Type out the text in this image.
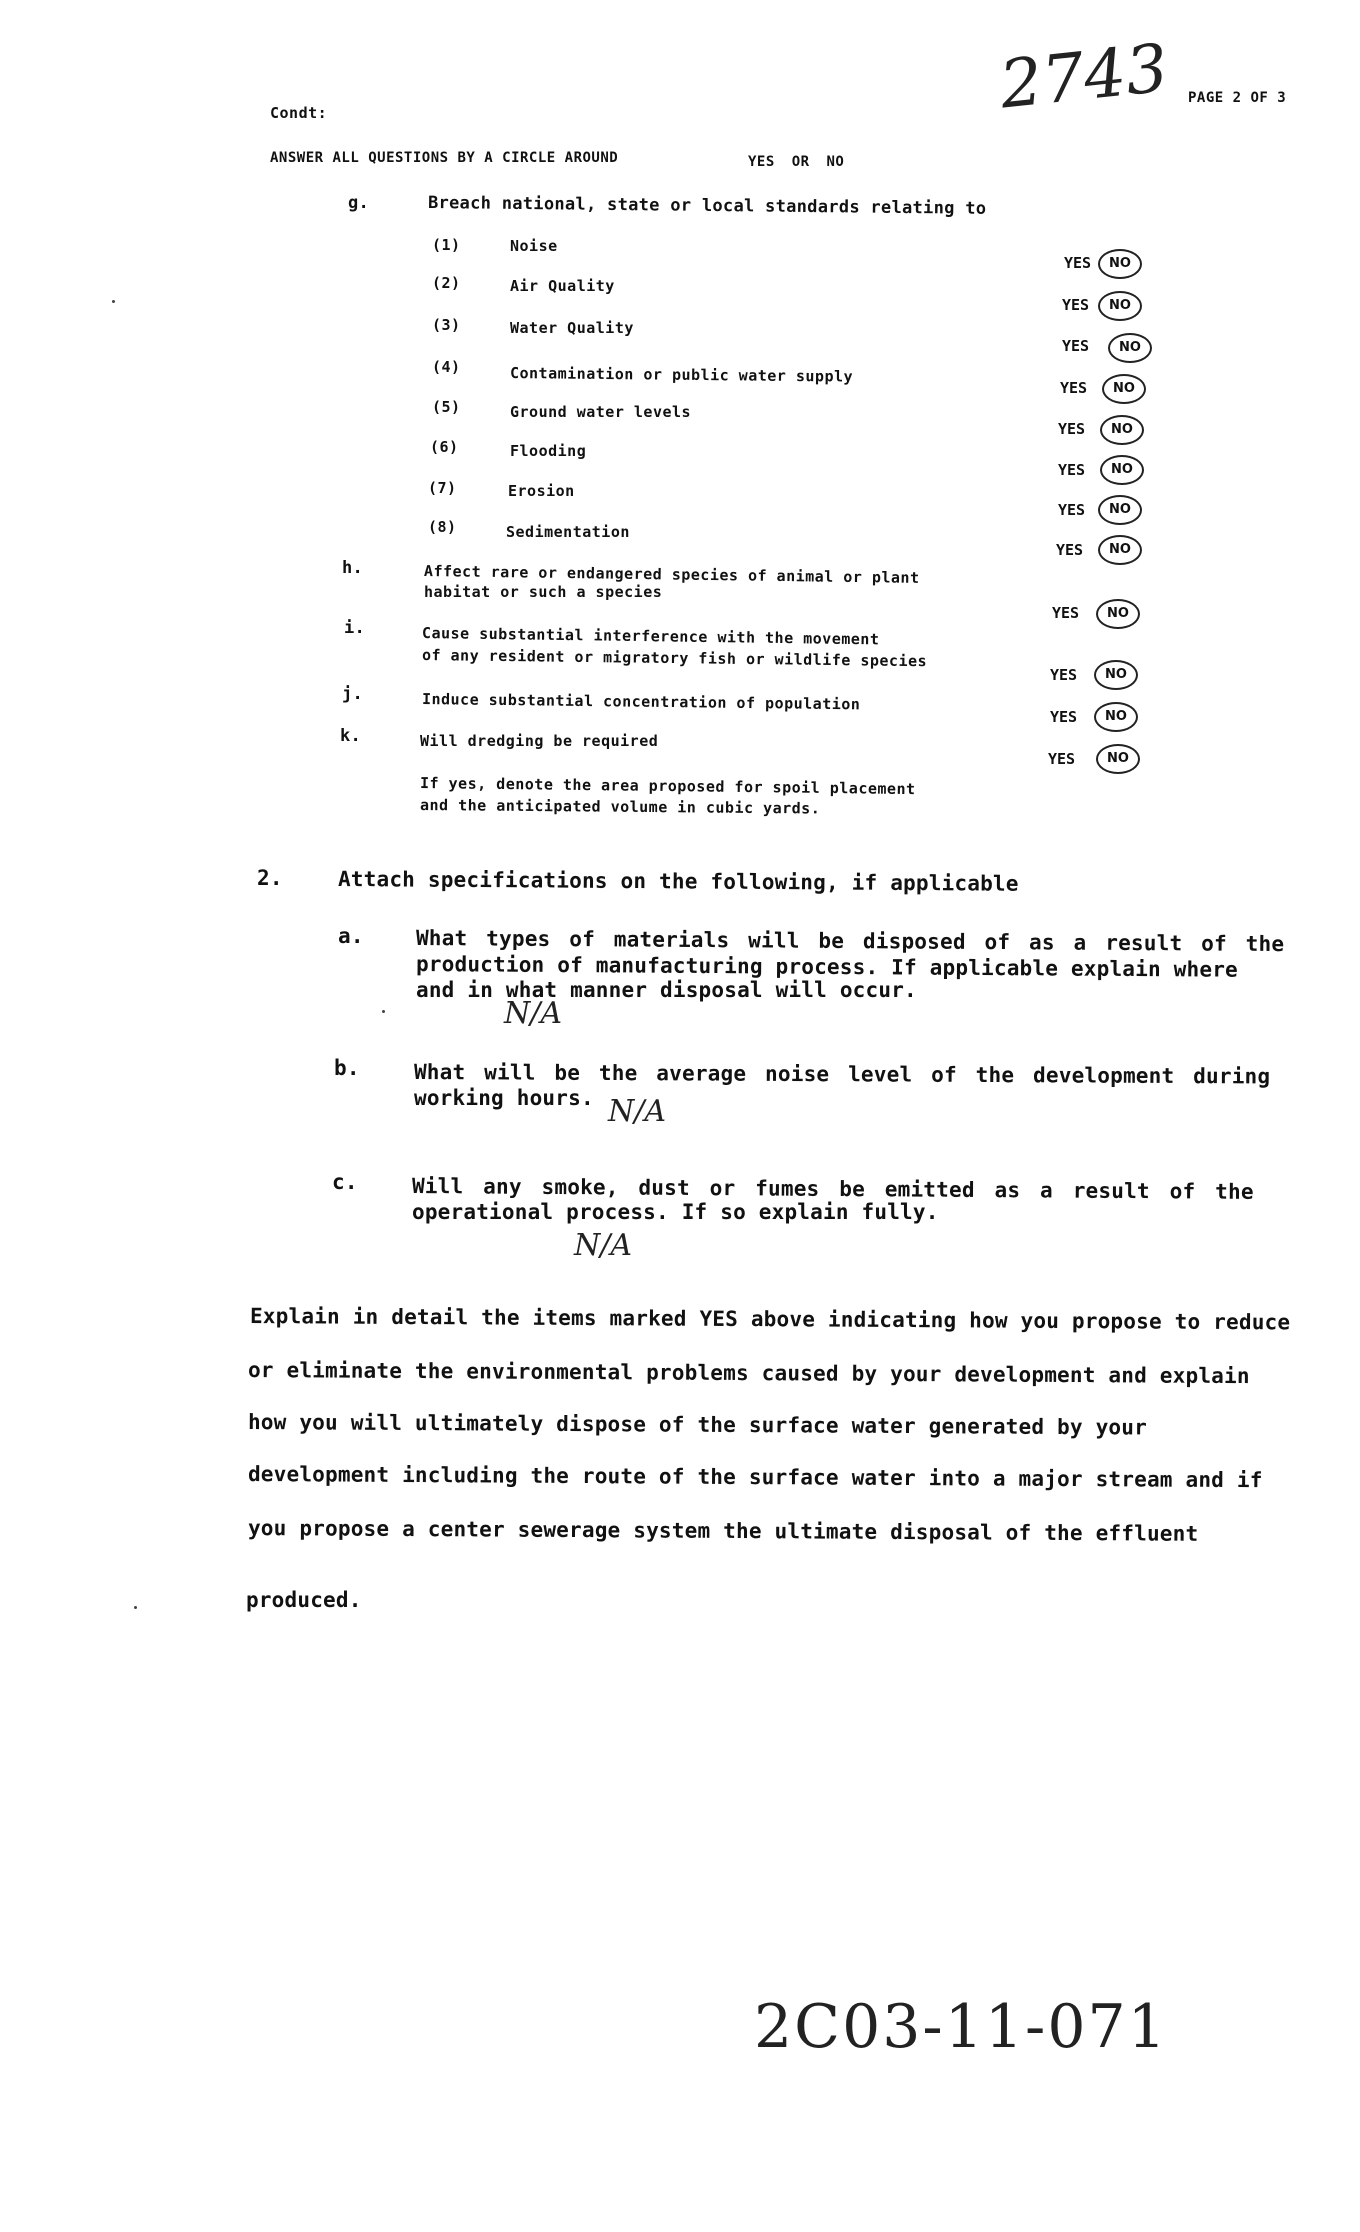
2743 PAGE 2 OF 3
Condt:
ANSWER ALL QUESTIONS BY A CIRCLE AROUND	YES OR NO
g.	Breach national, state or local standards relating to
(1)	Noise
YES	NO
(2)	Air Quality
YES	NO
(3)	Water Quality
YES	NO
(4)	Contamination or public water supply
YES	NO
(5)	Ground water levels
YES	NO
(6)	Flooding
YES	NO
(7)	Erosion
YES	NO
(8)	Sedimentation
YES	NO
h.	Affect rare or endangered species of animal or plant
habitat or such a species
YES	NO
i.	Cause substantial interference with the movement
of any resident or migratory fish or wildlife species
YES	NO
j.	Induce substantial concentration of population
YES	NO
k.	Will dredging be required
YES	NO
If yes, denote the area proposed for spoil placement
and the anticipated volume in cubic yards.
2.	Attach specifications on the following, if applicable
a. What types of materials will be disposed of as a result of the
production of manufacturing process. If applicable explain where
and in what manner disposal will occur.
N/A
b.	What will be the average noise level of the development during
working hours. N/A
c.	Will any smoke, dust or fumes be emitted as a result of the
operational process. If so explain fully.
N/A
Explain in detail the items marked YES above indicating how you propose to reduce
or eliminate the environmental problems caused by your development and explain
how you will ultimately dispose of the surface water generated by your
development including the route of the surface water into a major stream and if
you propose a center sewerage system the ultimate disposal of the effluent
produced.
2C03-11-071
